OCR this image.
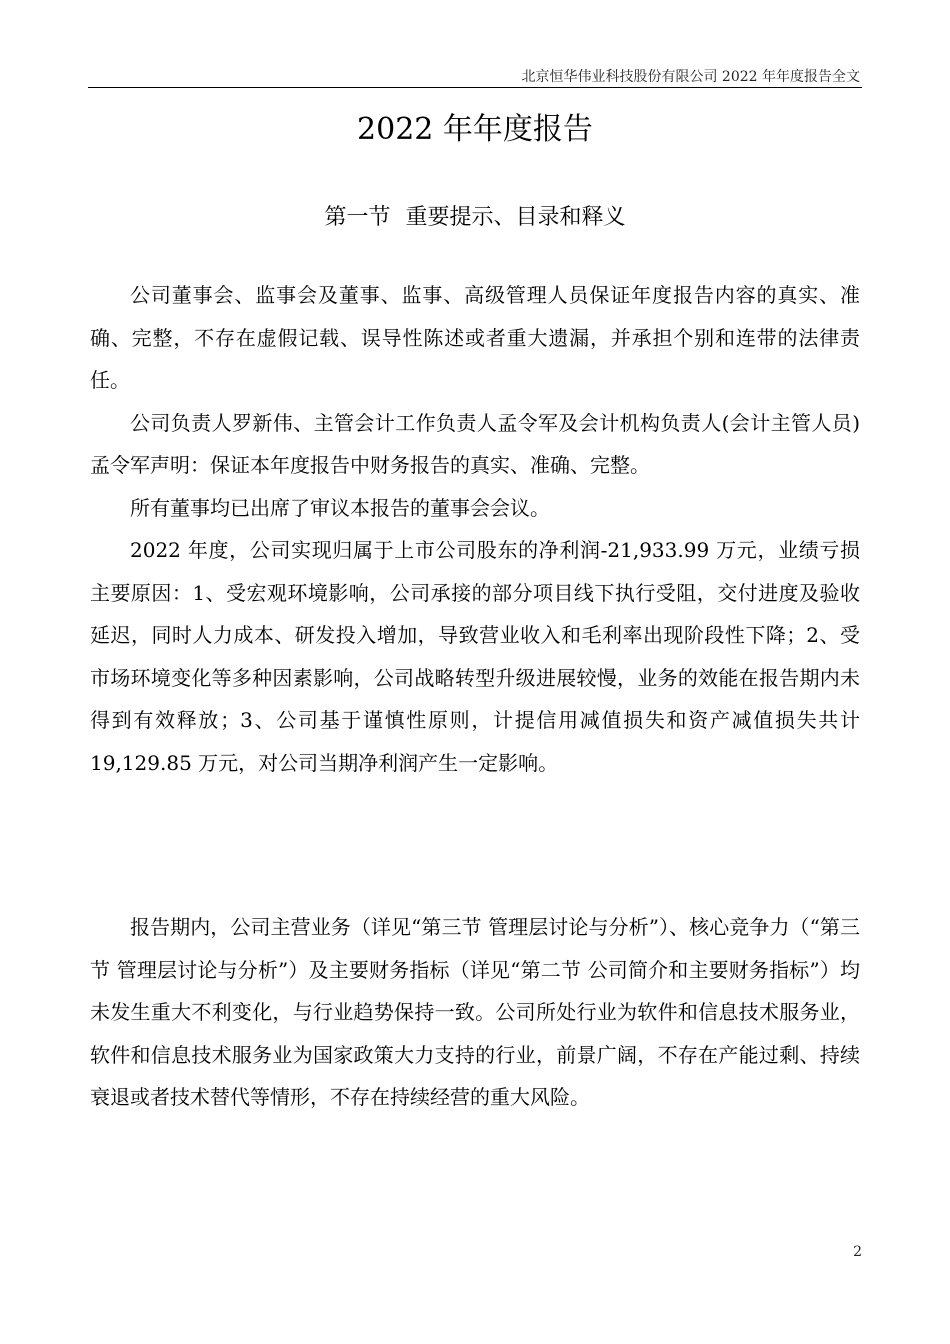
北京恒华伟业科技股份有限公司 2022 年年度报告全文
2022 年年度报告
第一节 重要提示、目录和释义

公司董事会、监事会及董事、监事、高级管理人员保证年度报告内容的真实、准确、完整，不存在虚假记载、误导性陈述或者重大遗漏，并承担个别和连带的法律责任。

公司负责人罗新伟、主管会计工作负责人孟令军及会计机构负责人(会计主管人员)孟令军声明：保证本年度报告中财务报告的真实、准确、完整。

所有董事均已出席了审议本报告的董事会会议。

2022 年度，公司实现归属于上市公司股东的净利润-21,933.99 万元，业绩亏损主要原因：1、受宏观环境影响，公司承接的部分项目线下执行受阻，交付进度及验收延迟，同时人力成本、研发投入增加，导致营业收入和毛利率出现阶段性下降；2、受市场环境变化等多种因素影响，公司战略转型升级进展较慢，业务的效能在报告期内未得到有效释放；3、公司基于谨慎性原则，计提信用减值损失和资产减值损失共计 19,129.85 万元，对公司当期净利润产生一定影响。

报告期内，公司主营业务（详见“第三节 管理层讨论与分析”）、核心竞争力（“第三节 管理层讨论与分析”）及主要财务指标（详见“第二节 公司简介和主要财务指标”）均未发生重大不利变化，与行业趋势保持一致。公司所处行业为软件和信息技术服务业，软件和信息技术服务业为国家政策大力支持的行业，前景广阔，不存在产能过剩、持续衰退或者技术替代等情形，不存在持续经营的重大风险。

2
